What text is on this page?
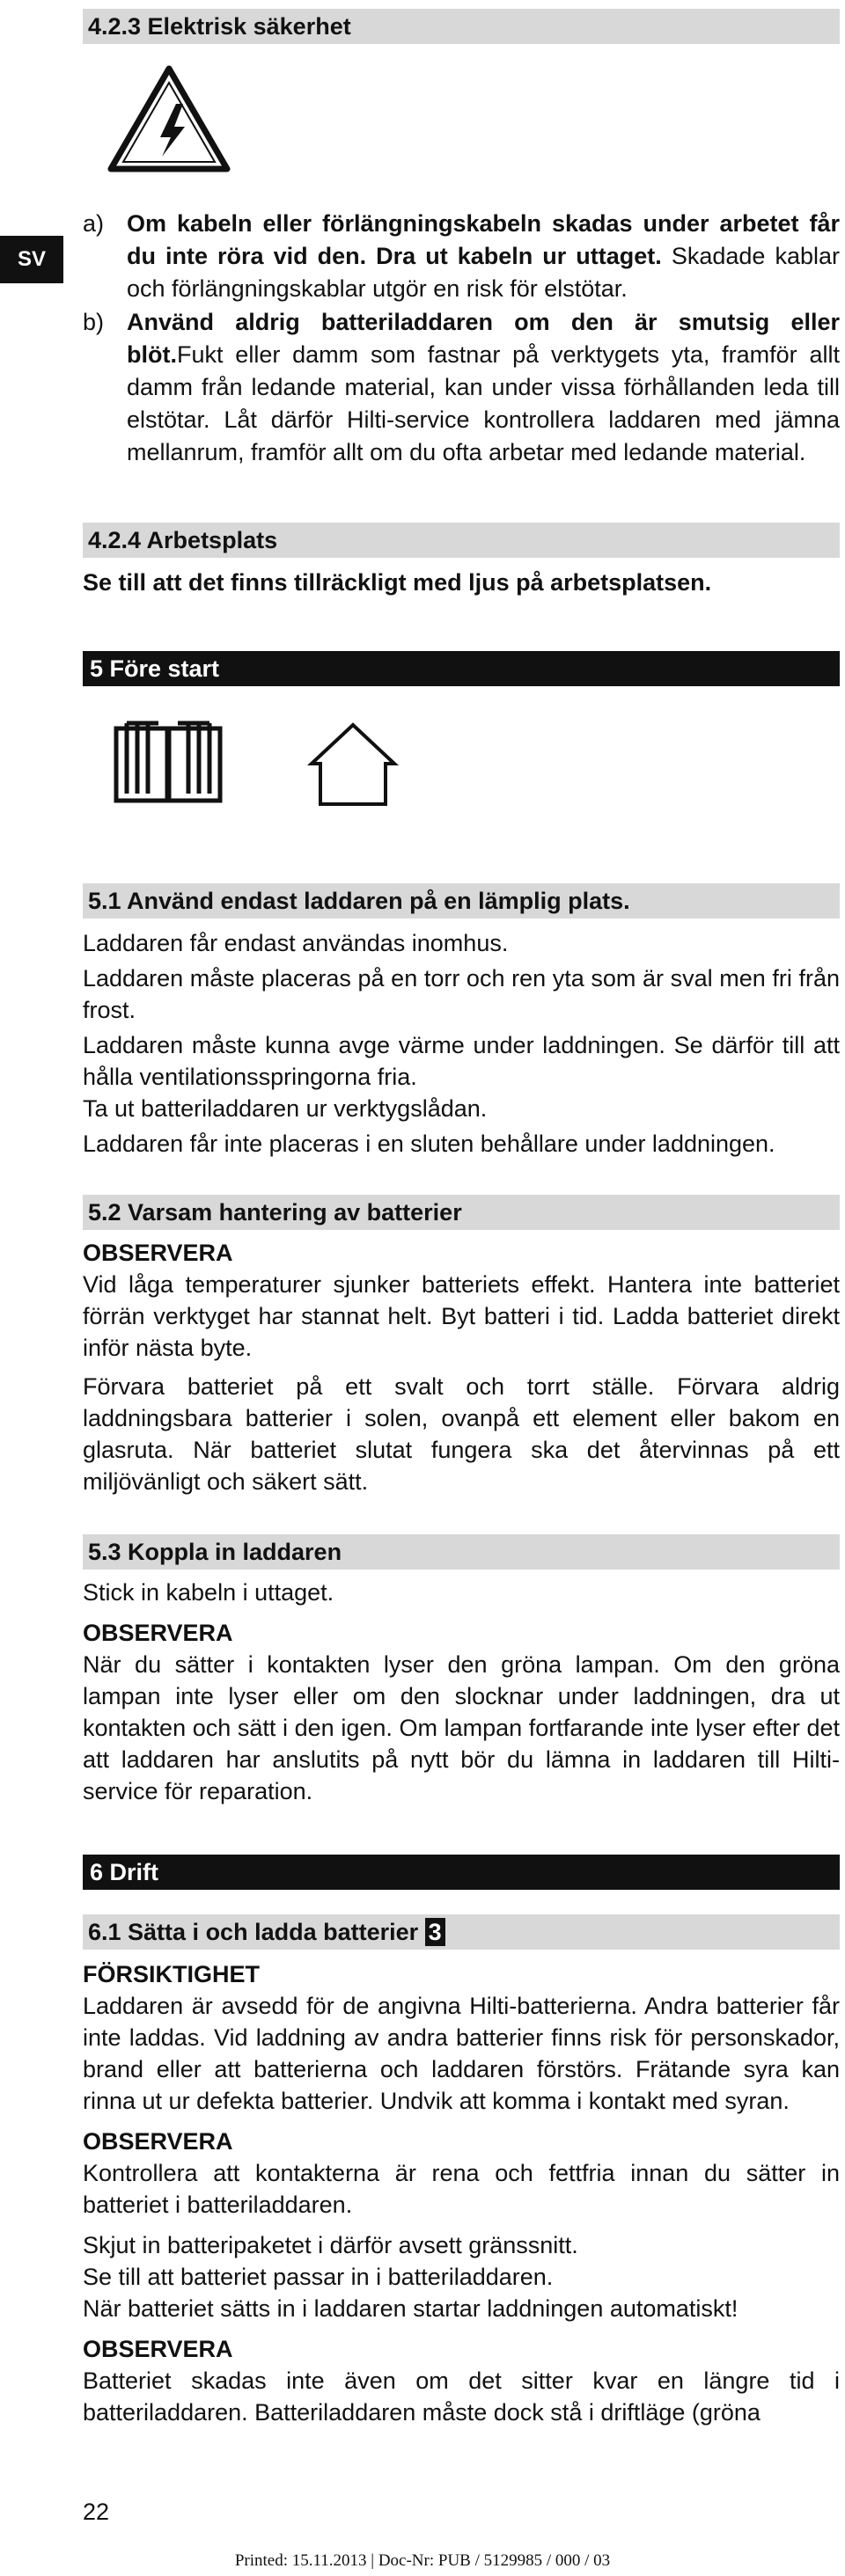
4.2.3 Elektrisk säkerhet
SV
a) Om kabeln eller förlängningskabeln skadas under arbetet får du inte röra vid den. Dra ut kabeln ur uttaget. Skadade kablar och förlängningskablar utgör en risk för elstötar.
b) Använd aldrig batteriladdaren om den är smutsig eller blöt.Fukt eller damm som fastnar på verktygets yta, framför allt damm från ledande material, kan under vissa förhållanden leda till elstötar. Låt därför Hilti-service kontrollera laddaren med jämna mellanrum, framför allt om du ofta arbetar med ledande material.
4.2.4 Arbetsplats
Se till att det finns tillräckligt med ljus på arbetsplatsen.
5 Före start
5.1 Använd endast laddaren på en lämplig plats.

Laddaren får endast användas inomhus.

Laddaren måste placeras på en torr och ren yta som är sval men fri från frost.

Laddaren måste kunna avge värme under laddningen. Se därför till att hålla ventilationsspringorna fria.

Ta ut batteriladdaren ur verktygslådan.

Laddaren får inte placeras i en sluten behållare under laddningen.

5.2 Varsam hantering av batterier

OBSERVERA

Vid låga temperaturer sjunker batteriets effekt. Hantera inte batteriet förrän verktyget har stannat helt. Byt batteri i tid. Ladda batteriet direkt inför nästa byte.

Förvara batteriet på ett svalt och torrt ställe. Förvara aldrig laddningsbara batterier i solen, ovanpå ett element eller bakom en glasruta. När batteriet slutat fungera ska det återvinnas på ett miljövänligt och säkert sätt.

5.3 Koppla in laddaren

Stick in kabeln i uttaget.

OBSERVERA

När du sätter i kontakten lyser den gröna lampan. Om den gröna lampan inte lyser eller om den slocknar under laddningen, dra ut kontakten och sätt i den igen. Om lampan fortfarande inte lyser efter det att laddaren har anslutits på nytt bör du lämna in laddaren till Hilti-service för reparation.

6 Drift
6.1 Sätta i och ladda batterier 3

FÖRSIKTIGHET

Laddaren är avsedd för de angivna Hilti-batterierna. Andra batterier får inte laddas. Vid laddning av andra batterier finns risk för personskador, brand eller att batterierna och laddaren förstörs. Frätande syra kan rinna ut ur defekta batterier. Undvik att komma i kontakt med syran.

OBSERVERA

Kontrollera att kontakterna är rena och fettfria innan du sätter in batteriet i batteriladdaren.

Skjut in batteripaketet i därför avsett gränssnitt.

Se till att batteriet passar in i batteriladdaren.

När batteriet sätts in i laddaren startar laddningen automatiskt!

OBSERVERA

Batteriet skadas inte även om det sitter kvar en längre tid i batteriladdaren. Batteriladdaren måste dock stå i driftläge (gröna

22
Printed: 15.11.2013 | Doc-Nr: PUB / 5129985 / 000 / 03
